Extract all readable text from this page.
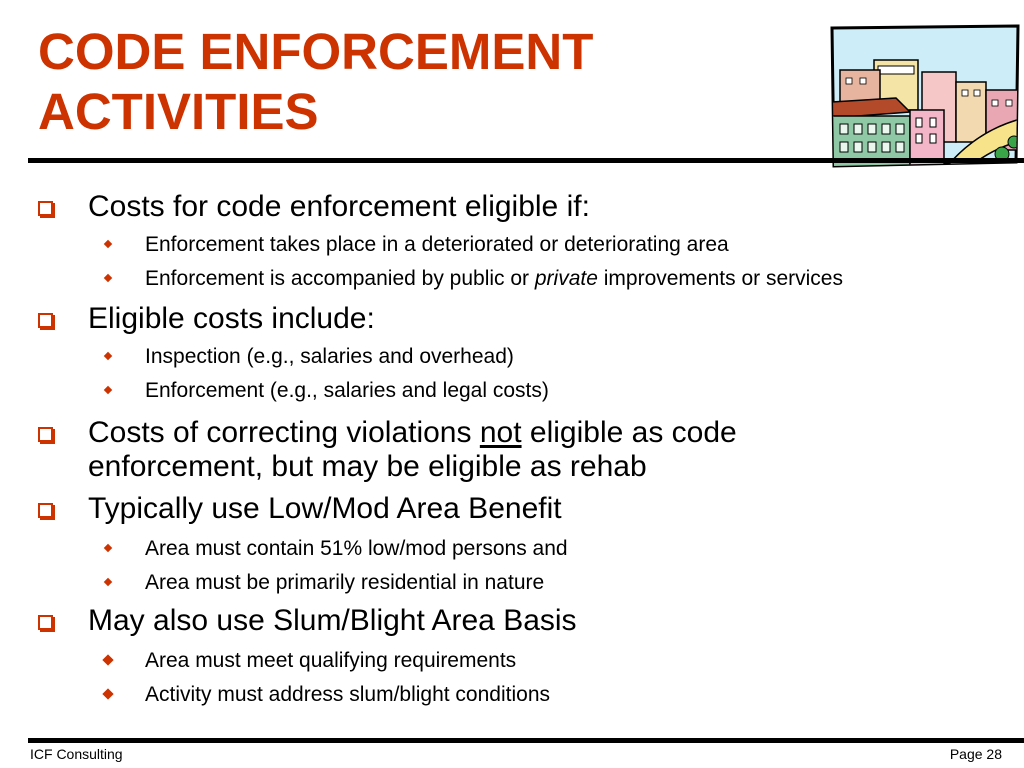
CODE ENFORCEMENT
ACTIVITIES
Costs for code enforcement eligible if:
Enforcement takes place in a deteriorated or deteriorating area
Enforcement is accompanied by public or private improvements or services
Eligible costs include:
Inspection (e.g., salaries and overhead)
Enforcement (e.g., salaries and legal costs)
Costs of correcting violations not eligible as code
enforcement, but may be eligible as rehab
Typically use Low/Mod Area Benefit
Area must contain 51% low/mod persons and
Area must be primarily residential in nature
May also use Slum/Blight Area Basis
Area must meet qualifying requirements
Activity must address slum/blight conditions
ICF Consulting	Page 28
